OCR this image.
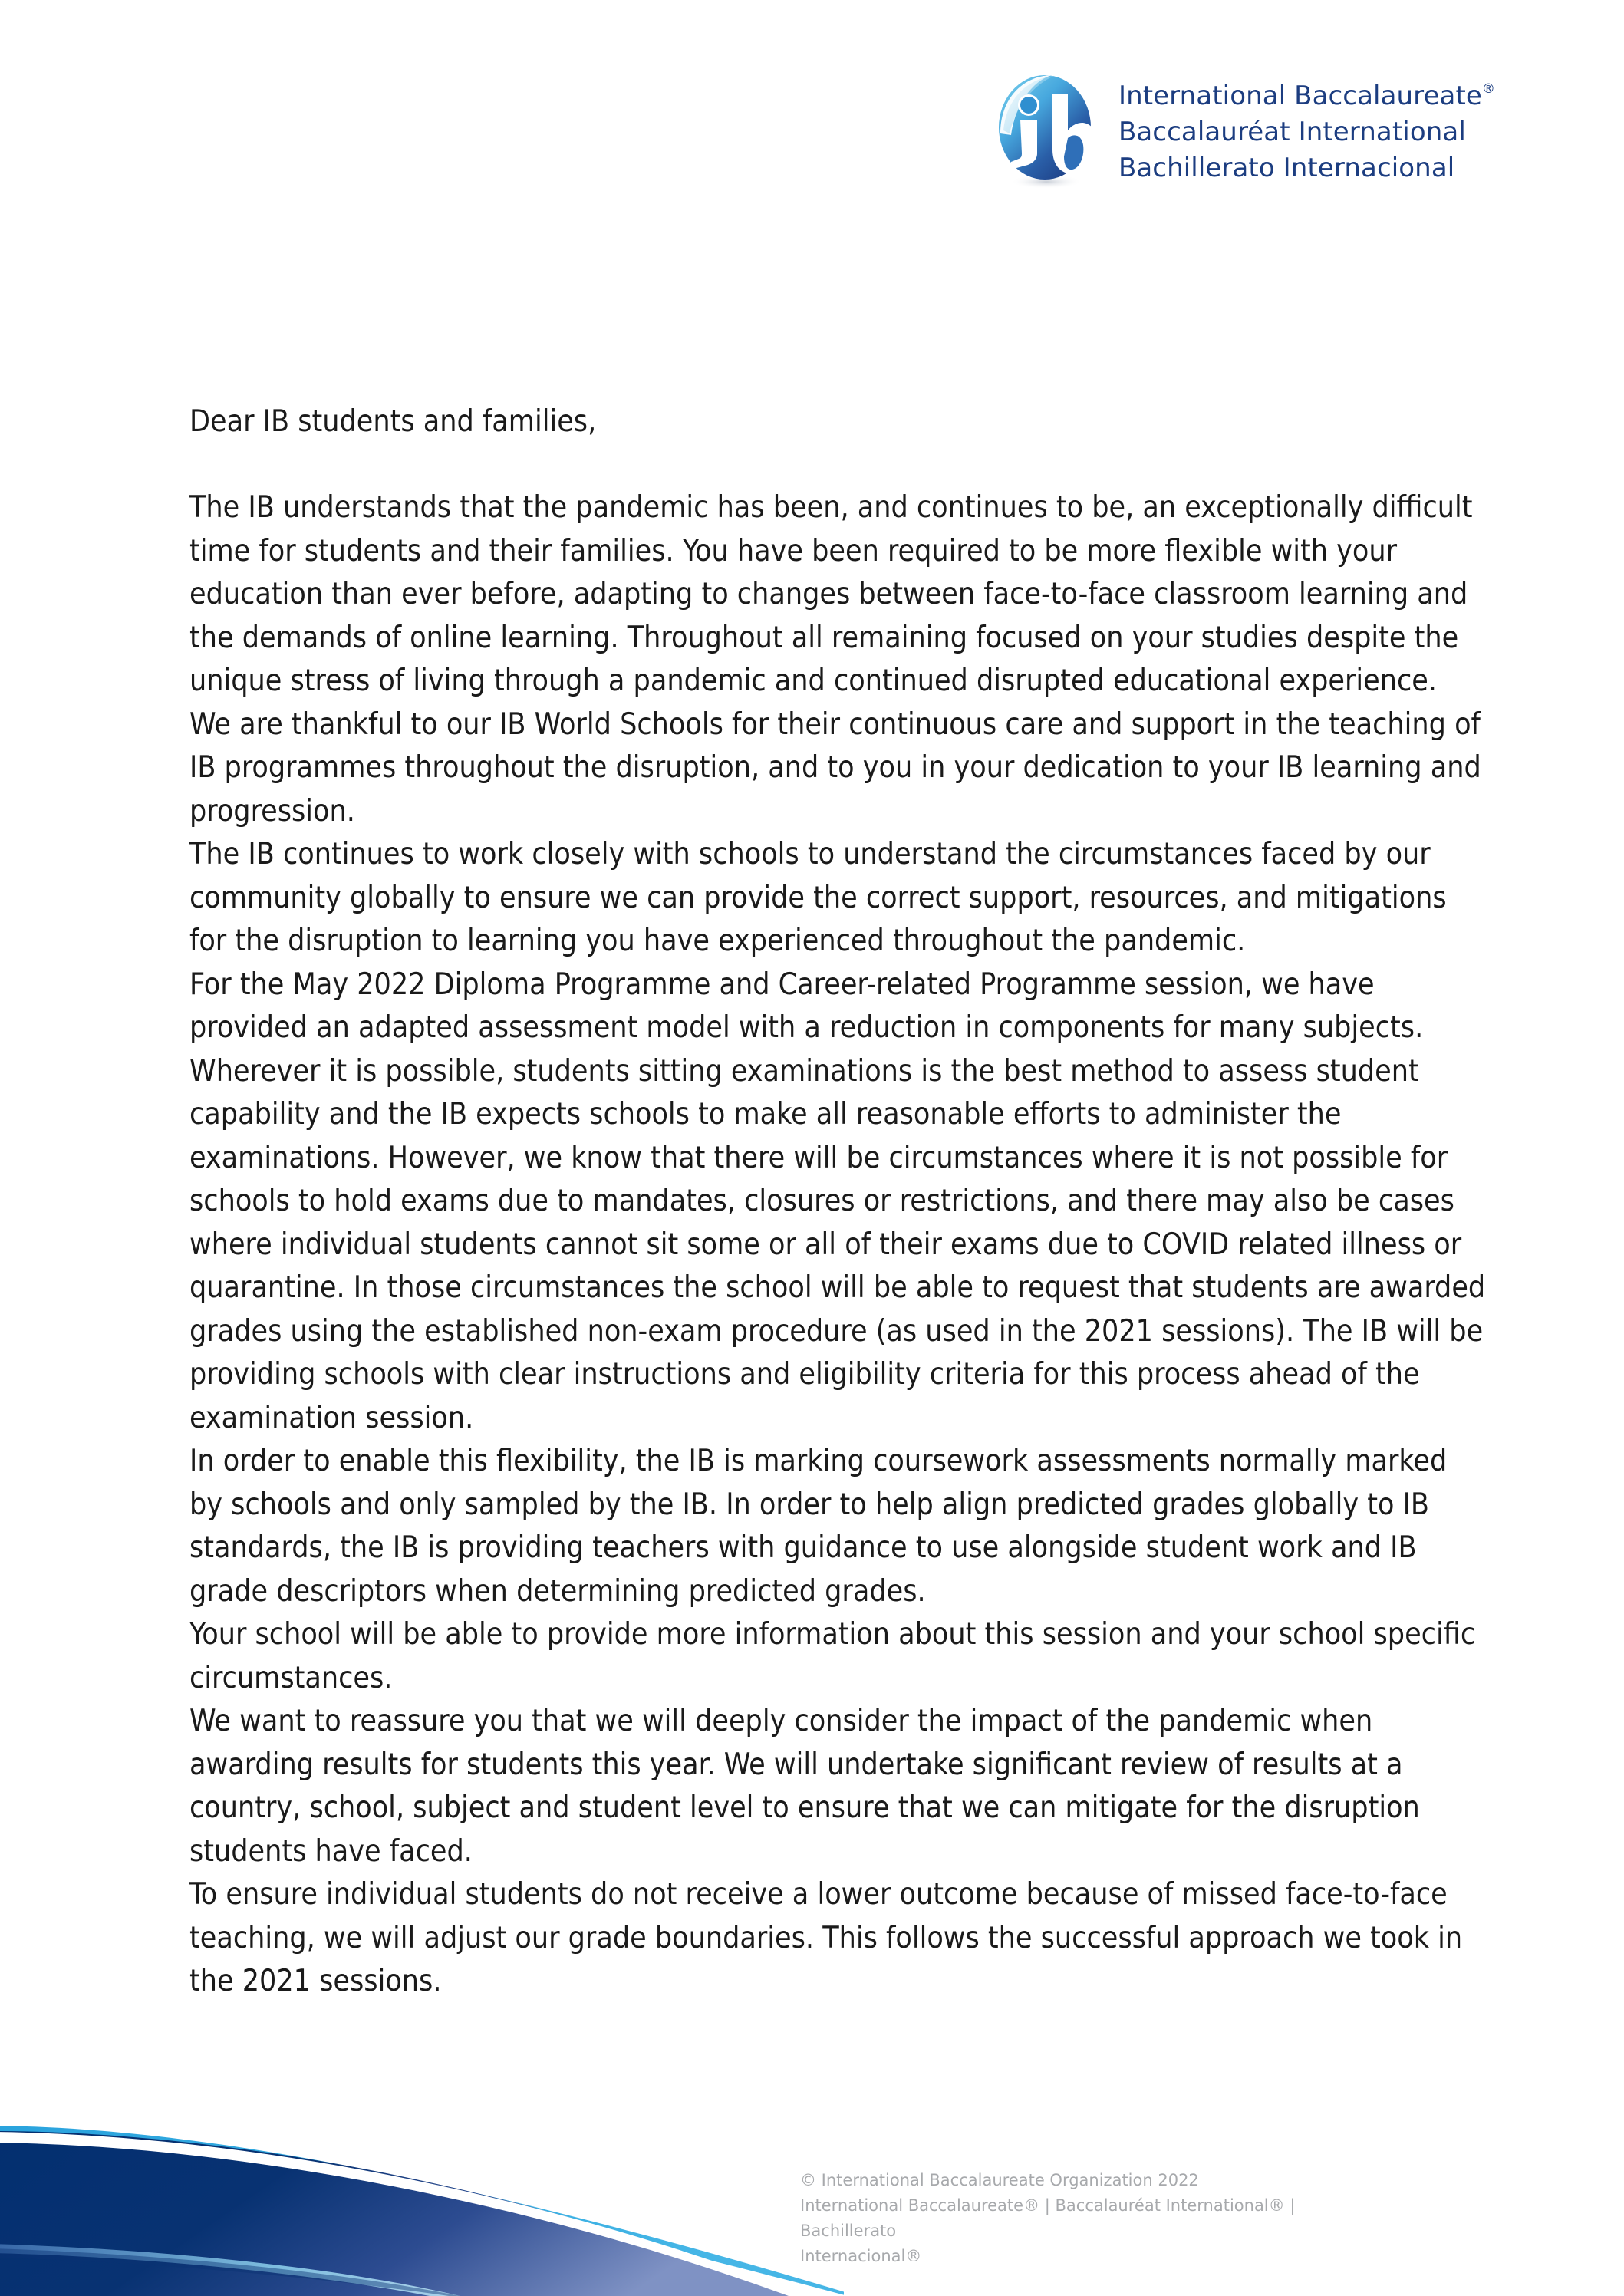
International Baccalaureate®
Baccalauréat International
Bachillerato Internacional

Dear IB students and families,

The IB understands that the pandemic has been, and continues to be, an exceptionally difficult time for students and their families. You have been required to be more flexible with your education than ever before, adapting to changes between face-to-face classroom learning and the demands of online learning. Throughout all remaining focused on your studies despite the unique stress of living through a pandemic and continued disrupted educational experience. We are thankful to our IB World Schools for their continuous care and support in the teaching of IB programmes throughout the disruption, and to you in your dedication to your IB learning and progression.

The IB continues to work closely with schools to understand the circumstances faced by our community globally to ensure we can provide the correct support, resources, and mitigations for the disruption to learning you have experienced throughout the pandemic.

For the May 2022 Diploma Programme and Career-related Programme session, we have provided an adapted assessment model with a reduction in components for many subjects.

Wherever it is possible, students sitting examinations is the best method to assess student capability and the IB expects schools to make all reasonable efforts to administer the examinations. However, we know that there will be circumstances where it is not possible for schools to hold exams due to mandates, closures or restrictions, and there may also be cases where individual students cannot sit some or all of their exams due to COVID related illness or quarantine. In those circumstances the school will be able to request that students are awarded grades using the established non-exam procedure (as used in the 2021 sessions). The IB will be providing schools with clear instructions and eligibility criteria for this process ahead of the examination session.

In order to enable this flexibility, the IB is marking coursework assessments normally marked by schools and only sampled by the IB. In order to help align predicted grades globally to IB standards, the IB is providing teachers with guidance to use alongside student work and IB grade descriptors when determining predicted grades.

Your school will be able to provide more information about this session and your school specific circumstances.

We want to reassure you that we will deeply consider the impact of the pandemic when awarding results for students this year. We will undertake significant review of results at a country, school, subject and student level to ensure that we can mitigate for the disruption students have faced.

To ensure individual students do not receive a lower outcome because of missed face-to-face teaching, we will adjust our grade boundaries. This follows the successful approach we took in the 2021 sessions.

© International Baccalaureate Organization 2022
International Baccalaureate® | Baccalauréat International® | Bachillerato
Internacional®
